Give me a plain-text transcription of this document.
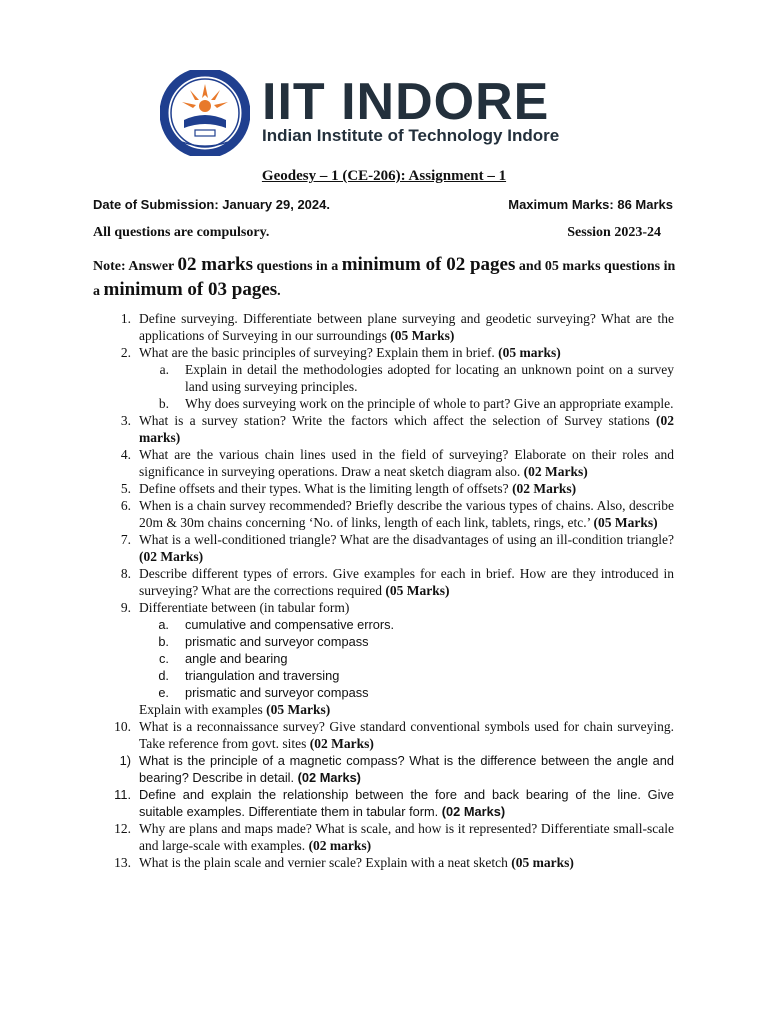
IIT INDORE
Indian Institute of Technology Indore
Geodesy – 1 (CE-206): Assignment – 1
Date of Submission: January 29, 2024.	Maximum Marks: 86 Marks
All questions are compulsory.	Session 2023-24
Note: Answer 02 marks questions in a minimum of 02 pages and 05 marks questions in a minimum of 03 pages.
1. Define surveying. Differentiate between plane surveying and geodetic surveying? What are the applications of Surveying in our surroundings (05 Marks)
2. What are the basic principles of surveying? Explain them in brief. (05 marks)
a.	Explain in detail the methodologies adopted for locating an unknown point on a survey land using surveying principles.
b.	Why does surveying work on the principle of whole to part? Give an appropriate example.
3. What is a survey station? Write the factors which affect the selection of Survey stations (02 marks)
4. What are the various chain lines used in the field of surveying? Elaborate on their roles and significance in surveying operations. Draw a neat sketch diagram also. (02 Marks)
5. Define offsets and their types. What is the limiting length of offsets? (02 Marks)
6. When is a chain survey recommended? Briefly describe the various types of chains. Also, describe 20m & 30m chains concerning ‘No. of links, length of each link, tablets, rings, etc.’ (05 Marks)
7. What is a well-conditioned triangle? What are the disadvantages of using an ill-condition triangle? (02 Marks)
8. Describe different types of errors. Give examples for each in brief. How are they introduced in surveying? What are the corrections required (05 Marks)
9. Differentiate between (in tabular form)
a.	cumulative and compensative errors.
b.	prismatic and surveyor compass
c.	angle and bearing
d.	triangulation and traversing
e.	prismatic and surveyor compass
Explain with examples (05 Marks)
10. What is a reconnaissance survey? Give standard conventional symbols used for chain surveying. Take reference from govt. sites (02 Marks)
1) What is the principle of a magnetic compass? What is the difference between the angle and bearing? Describe in detail. (02 Marks)
11. Define and explain the relationship between the fore and back bearing of the line. Give suitable examples. Differentiate them in tabular form. (02 Marks)
12. Why are plans and maps made? What is scale, and how is it represented? Differentiate small-scale and large-scale with examples. (02 marks)
13. What is the plain scale and vernier scale? Explain with a neat sketch (05 marks)
